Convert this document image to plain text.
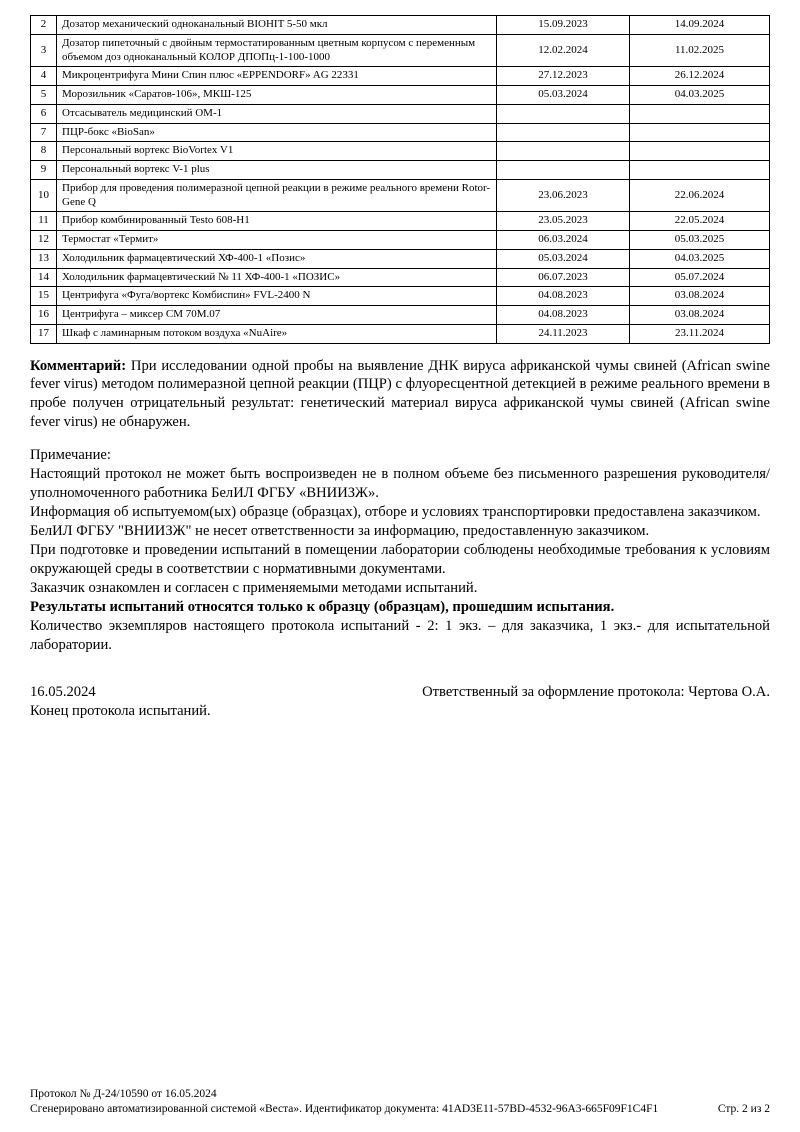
2	Дозатор механический одноканальный BIOHIT 5-50 мкл	15.09.2023	14.09.2024
3	Дозатор пипеточный с двойным термостатированным цветным корпусом с переменным объемом доз одноканальный КОЛОР ДПОПц-1-100-1000	12.02.2024	11.02.2025
4	Микроцентрифуга Мини Спин плюс «EPPENDORF» AG 22331	27.12.2023	26.12.2024
5	Морозильник «Саратов-106», МКШ-125	05.03.2024	04.03.2025
6	Отсасыватель медицинский ОМ-1		
7	ПЦР-бокс «BioSan»		
8	Персональный вортекс BioVortex V1		
9	Персональный вортекс V-1 plus		
10	Прибор для проведения полимеразной цепной реакции в режиме реального времени Rotor-Gene Q	23.06.2023	22.06.2024
11	Прибор комбинированный Testo 608-H1	23.05.2023	22.05.2024
12	Термостат «Термит»	06.03.2024	05.03.2025
13	Холодильник фармацевтический ХФ-400-1 «Позис»	05.03.2024	04.03.2025
14	Холодильник фармацевтический № 11 ХФ-400-1 «ПОЗИС»	06.07.2023	05.07.2024
15	Центрифуга «Фуга/вортекс Комбиспин» FVL-2400 N	04.08.2023	03.08.2024
16	Центрифуга – миксер СМ 70М.07	04.08.2023	03.08.2024
17	Шкаф с ламинарным потоком воздуха «NuAire»	24.11.2023	23.11.2024

Комментарий: При исследовании одной пробы на выявление ДНК вируса африканской чумы свиней (African swine fever virus) методом полимеразной цепной реакции (ПЦР) с флуоресцентной детекцией в режиме реального времени в пробе получен отрицательный результат: генетический материал вируса африканской чумы свиней (African swine fever virus) не обнаружен.

Примечание:

Настоящий протокол не может быть воспроизведен не в полном объеме без письменного разрешения руководителя/уполномоченного работника БелИЛ ФГБУ «ВНИИЗЖ».

Информация об испытуемом(ых) образце (образцах), отборе и условиях транспортировки предоставлена заказчиком.

БелИЛ ФГБУ "ВНИИЗЖ" не несет ответственности за информацию, предоставленную заказчиком.

При подготовке и проведении испытаний в помещении лаборатории соблюдены необходимые требования к условиям окружающей среды в соответствии с нормативными документами.

Заказчик ознакомлен и согласен с применяемыми методами испытаний.

Результаты испытаний относятся только к образцу (образцам), прошедшим испытания.

Количество экземпляров настоящего протокола испытаний - 2: 1 экз. – для заказчика, 1 экз.- для испытательной лаборатории.

16.05.2024	Ответственный за оформление протокола: Чертова О.А.

Конец протокола испытаний.

Протокол № Д-24/10590 от 16.05.2024
Сгенерировано автоматизированной системой «Веста». Идентификатор документа: 41AD3E11-57BD-4532-96A3-665F09F1C4F1	Стр. 2 из 2
